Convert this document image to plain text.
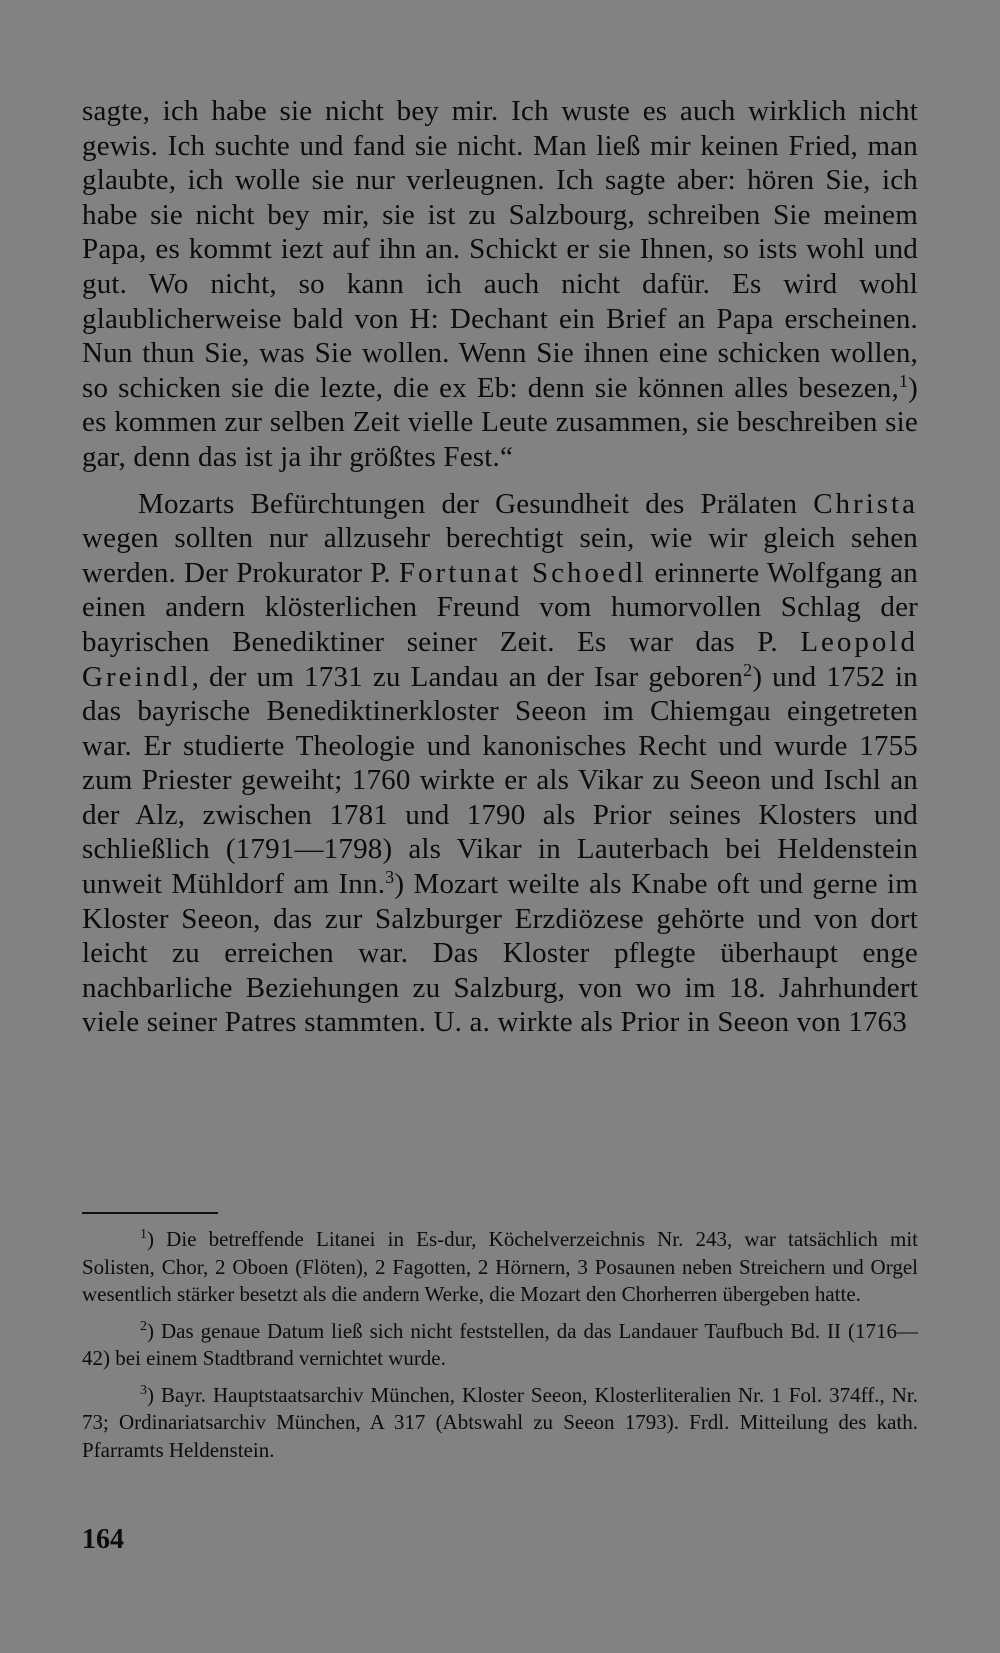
sagte, ich habe sie nicht bey mir. Ich wuste es auch wirklich nicht gewis. Ich suchte und fand sie nicht. Man ließ mir keinen Fried, man glaubte, ich wolle sie nur verleugnen. Ich sagte aber: hören Sie, ich habe sie nicht bey mir, sie ist zu Salzbourg, schreiben Sie meinem Papa, es kommt iezt auf ihn an. Schickt er sie Ihnen, so ists wohl und gut. Wo nicht, so kann ich auch nicht dafür. Es wird wohl glaublicherweise bald von H: Dechant ein Brief an Papa erscheinen. Nun thun Sie, was Sie wollen. Wenn Sie ihnen eine schicken wollen, so schicken sie die lezte, die ex Eb: denn sie können alles besezen,$^1$) es kommen zur selben Zeit vielle Leute zusammen, sie beschreiben sie gar, denn das ist ja ihr größtes Fest.“

Mozarts Befürchtungen der Gesundheit des Prälaten Christa wegen sollten nur allzusehr berechtigt sein, wie wir gleich sehen werden. Der Prokurator P. Fortunat Schoedl erinnerte Wolfgang an einen andern klösterlichen Freund vom humorvollen Schlag der bayrischen Benediktiner seiner Zeit. Es war das P. Leopold Greindl, der um 1731 zu Landau an der Isar geboren$^2$) und 1752 in das bayrische Benediktinerkloster Seeon im Chiemgau eingetreten war. Er studierte Theologie und kanonisches Recht und wurde 1755 zum Priester geweiht; 1760 wirkte er als Vikar zu Seeon und Ischl an der Alz, zwischen 1781 und 1790 als Prior seines Klosters und schließlich (1791—1798) als Vikar in Lauterbach bei Heldenstein unweit Mühldorf am Inn.$^3$) Mozart weilte als Knabe oft und gerne im Kloster Seeon, das zur Salzburger Erzdiözese gehörte und von dort leicht zu erreichen war. Das Kloster pflegte überhaupt enge nachbarliche Beziehungen zu Salzburg, von wo im 18. Jahrhundert viele seiner Patres stammten. U. a. wirkte als Prior in Seeon von 1763

$^1$) Die betreffende Litanei in Es-dur, Köchelverzeichnis Nr. 243, war tatsächlich mit Solisten, Chor, 2 Oboen (Flöten), 2 Fagotten, 2 Hörnern, 3 Posaunen neben Streichern und Orgel wesentlich stärker besetzt als die andern Werke, die Mozart den Chorherren übergeben hatte.

$^2$) Das genaue Datum ließ sich nicht feststellen, da das Landauer Taufbuch Bd. II (1716—42) bei einem Stadtbrand vernichtet wurde.

$^3$) Bayr. Hauptstaatsarchiv München, Kloster Seeon, Klosterliteralien Nr. 1 Fol. 374ff., Nr. 73; Ordinariatsarchiv München, A 317 (Abtswahl zu Seeon 1793). Frdl. Mitteilung des kath. Pfarramts Heldenstein.

164
